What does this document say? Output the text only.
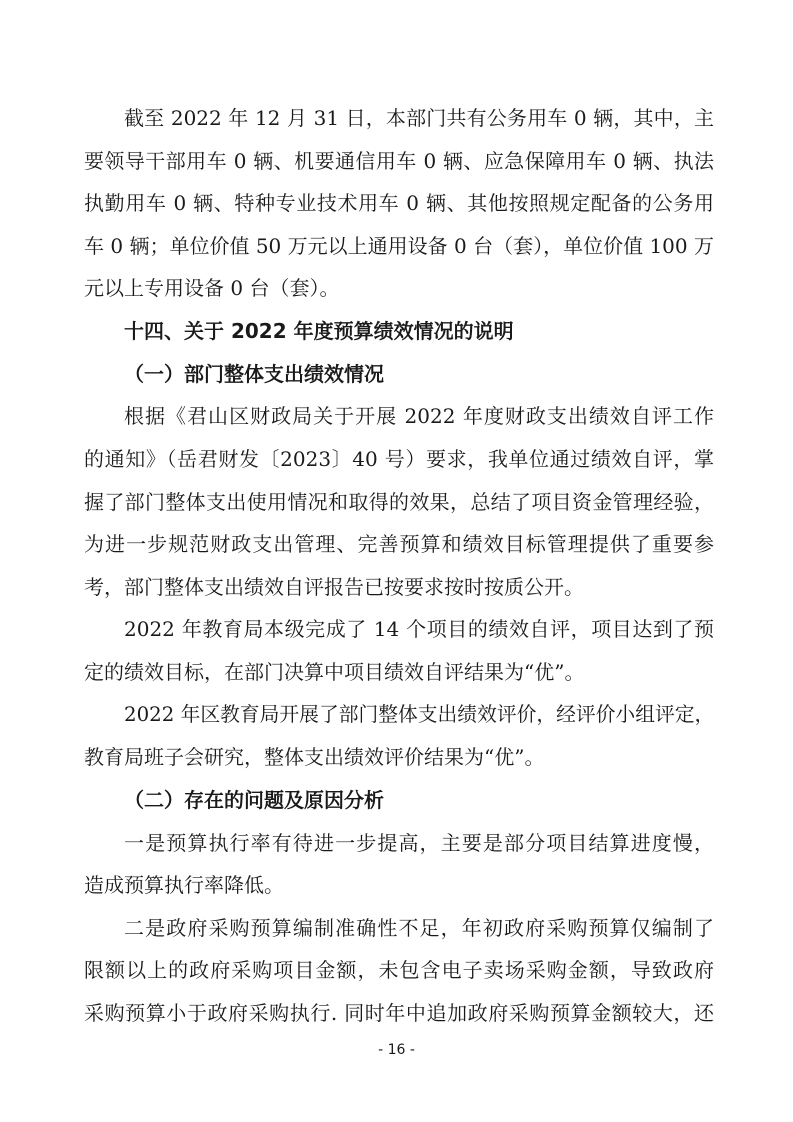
截至 2022 年 12 月 31 日，本部门共有公务用车 0 辆，其中，主
要领导干部用车 0 辆、机要通信用车 0 辆、应急保障用车 0 辆、执法
执勤用车 0 辆、特种专业技术用车 0 辆、其他按照规定配备的公务用
车 0 辆；单位价值 50 万元以上通用设备 0 台（套），单位价值 100 万
元以上专用设备 0 台（套）。
十四、关于 2022 年度预算绩效情况的说明
（一）部门整体支出绩效情况
根据《君山区财政局关于开展 2022 年度财政支出绩效自评工作
的通知》（岳君财发〔2023〕40 号）要求，我单位通过绩效自评，掌
握了部门整体支出使用情况和取得的效果，总结了项目资金管理经验，
为进一步规范财政支出管理、完善预算和绩效目标管理提供了重要参
考，部门整体支出绩效自评报告已按要求按时按质公开。
2022 年教育局本级完成了 14 个项目的绩效自评，项目达到了预
定的绩效目标，在部门决算中项目绩效自评结果为“优”。
2022 年区教育局开展了部门整体支出绩效评价，经评价小组评定，
教育局班子会研究，整体支出绩效评价结果为“优”。
（二）存在的问题及原因分析
一是预算执行率有待进一步提高，主要是部分项目结算进度慢，
造成预算执行率降低。
二是政府采购预算编制准确性不足，年初政府采购预算仅编制了
限额以上的政府采购项目金额，未包含电子卖场采购金额，导致政府
采购预算小于政府采购执行. 同时年中追加政府采购预算金额较大，还
- 16 -
